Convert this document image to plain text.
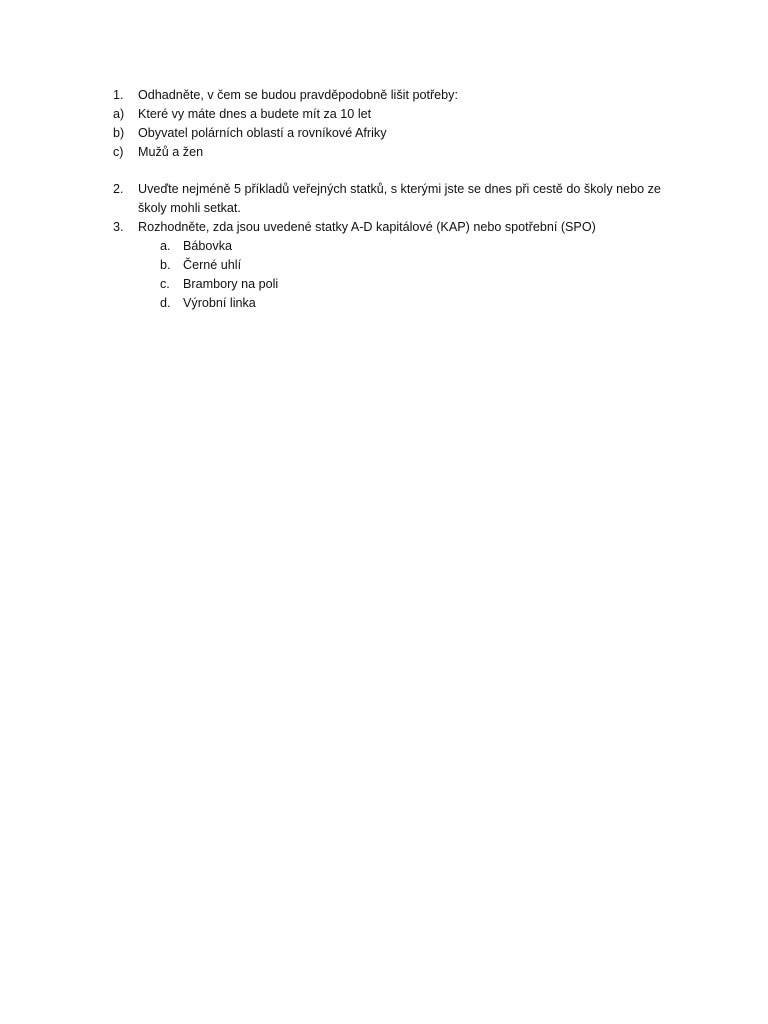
1.	Odhadněte, v čem se budou pravděpodobně lišit potřeby:
a)	Které vy máte dnes a budete mít za 10 let
b)	Obyvatel polárních oblastí a rovníkové Afriky
c)	Mužů a žen
2.	Uveďte nejméně 5 příkladů veřejných statků, s kterými jste se dnes při cestě do školy nebo ze školy mohli setkat.
3.	Rozhodněte, zda jsou uvedené statky A-D kapitálové (KAP) nebo spotřební (SPO)
a. Bábovka
b. Černé uhlí
c.	Brambory na poli
d. Výrobní linka
